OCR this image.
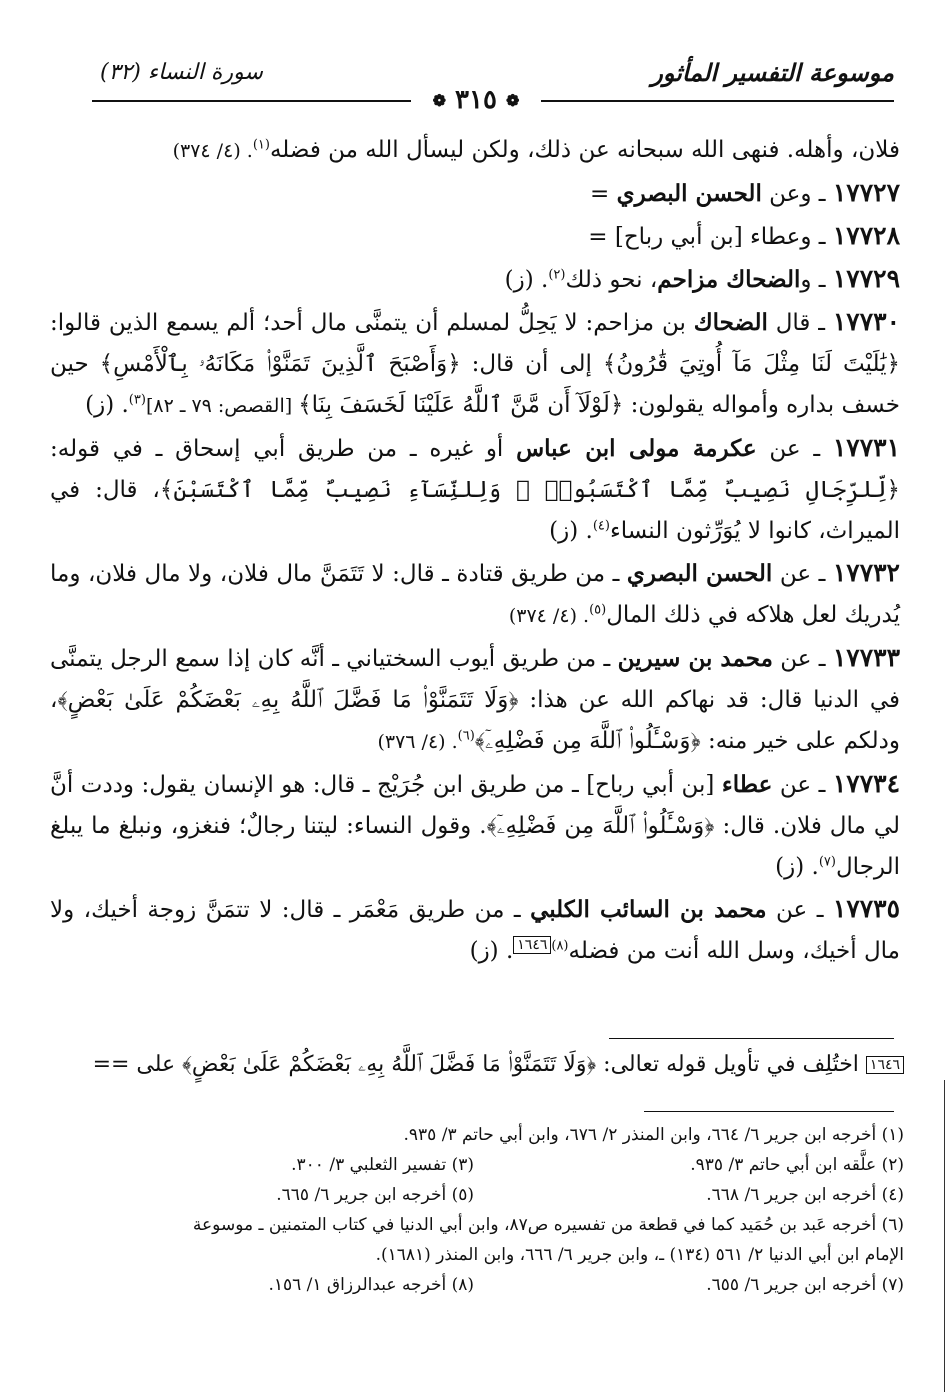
موسوعة التفسير المأثور
سورة النساء (٣٢)
❁ ٣١٥ ❁

فلان، وأهله. فنهى الله سبحانه عن ذلك، ولكن ليسأل الله من فضله$^{(١)}$. (٤/ ٣٧٤)

١٧٧٢٧ ـ وعن الحسن البصري =

١٧٧٢٨ ـ وعطاء [بن أبي رباح] =

١٧٧٢٩ ـ والضحاك مزاحم، نحو ذلك$^{(٢)}$. (ز)

١٧٧٣٠ ـ قال الضحاك بن مزاحم: لا يَحِلُّ لمسلم أن يتمنَّى مال أحد؛ ألم يسمع الذين قالوا: ﴿يَٰلَيْتَ لَنَا مِثْلَ مَآ أُوتِيَ قَٰرُونُ﴾ إلى أن قال: ﴿وَأَصْبَحَ ٱلَّذِينَ تَمَنَّوْا۟ مَكَانَهُۥ بِٱلْأَمْسِ﴾ حين خسف بداره وأمواله يقولون: ﴿لَوْلَآ أَن مَّنَّ ٱللَّهُ عَلَيْنَا لَخَسَفَ بِنَا﴾ [القصص: ٧٩ ـ ٨٢]$^{(٣)}$. (ز)

١٧٧٣١ ـ عن عكرمة مولى ابن عباس أو غيره ـ من طريق أبي إسحاق ـ في قوله: ﴿لِّلرِّجَالِ نَصِيبٌ مِّمَّا ٱكْتَسَبُوا۟ ۖ وَلِلنِّسَآءِ نَصِيبٌ مِّمَّا ٱكْتَسَبْنَ﴾، قال: في الميراث، كانوا لا يُوَرِّثون النساء$^{(٤)}$. (ز)

١٧٧٣٢ ـ عن الحسن البصري ـ من طريق قتادة ـ قال: لا تَتَمَنَّ مال فلان، ولا مال فلان، وما يُدريك لعل هلاكه في ذلك المال$^{(٥)}$. (٤/ ٣٧٤)

١٧٧٣٣ ـ عن محمد بن سيرين ـ من طريق أيوب السختياني ـ أنَّه كان إذا سمع الرجل يتمنَّى في الدنيا قال: قد نهاكم الله عن هذا: ﴿وَلَا تَتَمَنَّوْا۟ مَا فَضَّلَ ٱللَّهُ بِهِۦ بَعْضَكُمْ عَلَىٰ بَعْضٍ﴾، ودلكم على خير منه: ﴿وَسْـَٔلُوا۟ ٱللَّهَ مِن فَضْلِهِۦٓ﴾$^{(٦)}$. (٤/ ٣٧٦)

١٧٧٣٤ ـ عن عطاء [بن أبي رباح] ـ من طريق ابن جُرَيْج ـ قال: هو الإنسان يقول: وددت أنَّ لي مال فلان. قال: ﴿وَسْـَٔلُوا۟ ٱللَّهَ مِن فَضْلِهِۦٓ﴾. وقول النساء: ليتنا رجالٌ؛ فنغزو، ونبلغ ما يبلغ الرجال$^{(٧)}$. (ز)

١٧٧٣٥ ـ عن محمد بن السائب الكلبي ـ من طريق مَعْمَر ـ قال: لا تتمَنَّ زوجة أخيك، ولا مال أخيك، وسل الله أنت من فضله$^{(٨)}$١٦٤٦. (ز)

١٦٤٦ اختُلِف في تأويل قوله تعالى: ﴿وَلَا تَتَمَنَّوْا۟ مَا فَضَّلَ ٱللَّهُ بِهِۦ بَعْضَكُمْ عَلَىٰ بَعْضٍ﴾ على ==
(١) أخرجه ابن جرير ٦/ ٦٦٤، وابن المنذر ٢/ ٦٧٦، وابن أبي حاتم ٣/ ٩٣٥.
(٢) علَّقه ابن أبي حاتم ٣/ ٩٣٥.
(٣) تفسير الثعلبي ٣/ ٣٠٠.
(٤) أخرجه ابن جرير ٦/ ٦٦٨.
(٥) أخرجه ابن جرير ٦/ ٦٦٥.
(٦) أخرجه عَبد بن حُمَيد كما في قطعة من تفسيره ص٨٧، وابن أبي الدنيا في كتاب المتمنين ـ موسوعة
الإمام ابن أبي الدنيا ٢/ ٥٦١ (١٣٤) ـ، وابن جرير ٦/ ٦٦٦، وابن المنذر (١٦٨١).
(٧) أخرجه ابن جرير ٦/ ٦٥٥.
(٨) أخرجه عبدالرزاق ١/ ١٥٦.
